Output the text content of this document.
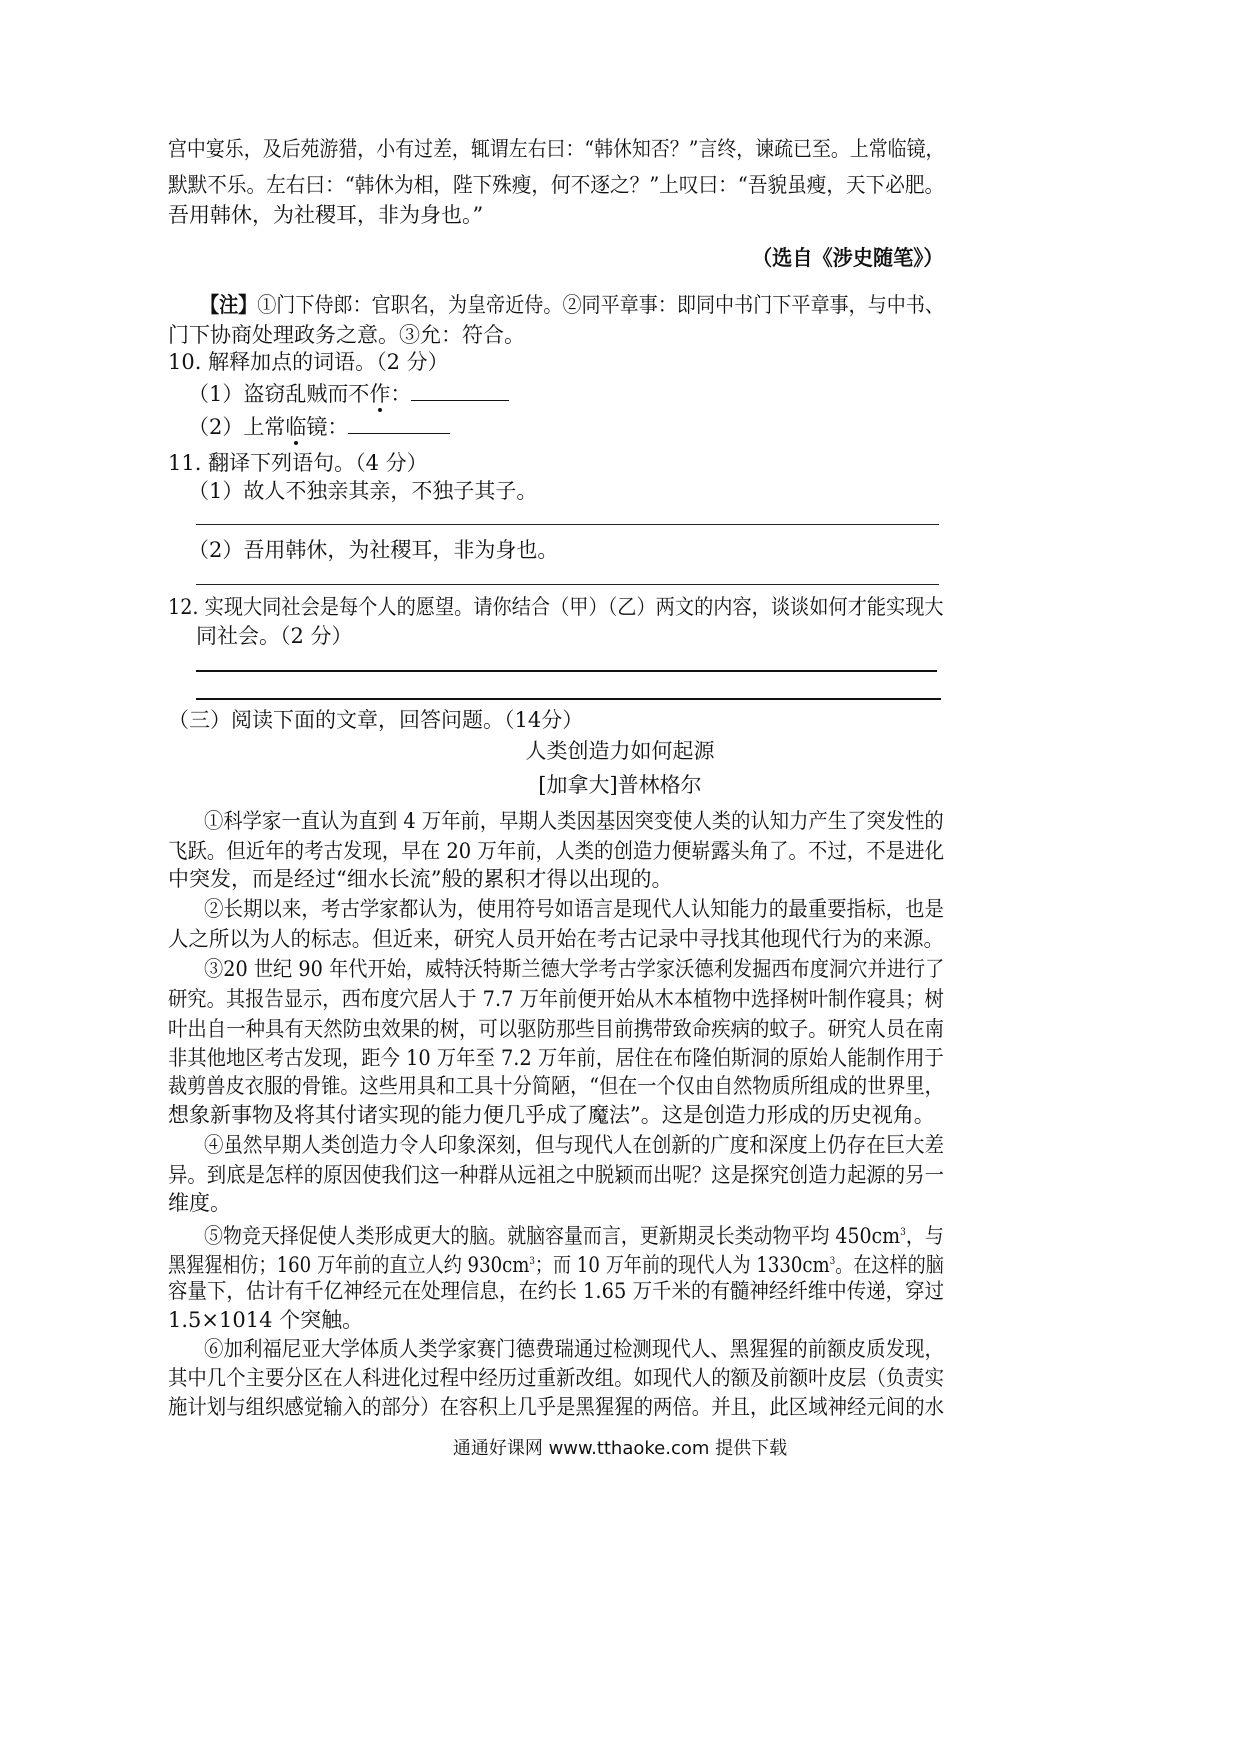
宫中宴乐，及后苑游猎，小有过差，辄谓左右曰：“韩休知否？”言终，谏疏已至。上常临镜，
默默不乐。左右曰：“韩休为相，陛下殊瘦，何不逐之？”上叹曰：“吾貌虽瘦，天下必肥。
吾用韩休，为社稷耳，非为身也。”
（选自《涉史随笔》）
【注】①门下侍郎：官职名，为皇帝近侍。②同平章事：即同中书门下平章事，与中书、
门下协商处理政务之意。③允：符合。
10. 解释加点的词语。（2 分）
（1）盗窃乱贼而不作：
（2）上常临镜：
11. 翻译下列语句。（4 分）
（1）故人不独亲其亲，不独子其子。
（2）吾用韩休，为社稷耳，非为身也。
12. 实现大同社会是每个人的愿望。请你结合（甲）（乙）两文的内容，谈谈如何才能实现大
同社会。（2 分）
（三）阅读下面的文章，回答问题。（14分）
人类创造力如何起源
[加拿大]普林格尔
①科学家一直认为直到 4 万年前，早期人类因基因突变使人类的认知力产生了突发性的
飞跃。但近年的考古发现，早在 20 万年前，人类的创造力便崭露头角了。不过，不是进化
中突发，而是经过“细水长流”般的累积才得以出现的。
②长期以来，考古学家都认为，使用符号如语言是现代人认知能力的最重要指标，也是
人之所以为人的标志。但近来，研究人员开始在考古记录中寻找其他现代行为的来源。
③20 世纪 90 年代开始，威特沃特斯兰德大学考古学家沃德利发掘西布度洞穴并进行了
研究。其报告显示，西布度穴居人于 7.7 万年前便开始从木本植物中选择树叶制作寝具；树
叶出自一种具有天然防虫效果的树，可以驱防那些目前携带致命疾病的蚊子。研究人员在南
非其他地区考古发现，距今 10 万年至 7.2 万年前，居住在布隆伯斯洞的原始人能制作用于
裁剪兽皮衣服的骨锥。这些用具和工具十分简陋，“但在一个仅由自然物质所组成的世界里，
想象新事物及将其付诸实现的能力便几乎成了魔法”。这是创造力形成的历史视角。
④虽然早期人类创造力令人印象深刻，但与现代人在创新的广度和深度上仍存在巨大差
异。到底是怎样的原因使我们这一种群从远祖之中脱颖而出呢？这是探究创造力起源的另一
维度。
⑤物竞天择促使人类形成更大的脑。就脑容量而言，更新期灵长类动物平均 $450cm^3$，与
黑猩猩相仿；160 万年前的直立人约 $930cm^3$；而 10 万年前的现代人为 $1330cm^3$。在这样的脑
容量下，估计有千亿神经元在处理信息，在约长 1.65 万千米的有髓神经纤维中传递，穿过
1.5×1014 个突触。
⑥加利福尼亚大学体质人类学家赛门德费瑞通过检测现代人、黑猩猩的前额皮质发现，
其中几个主要分区在人科进化过程中经历过重新改组。如现代人的额及前额叶皮层（负责实
施计划与组织感觉输入的部分）在容积上几乎是黑猩猩的两倍。并且，此区域神经元间的水
通通好课网 www.tthaoke.com 提供下载
